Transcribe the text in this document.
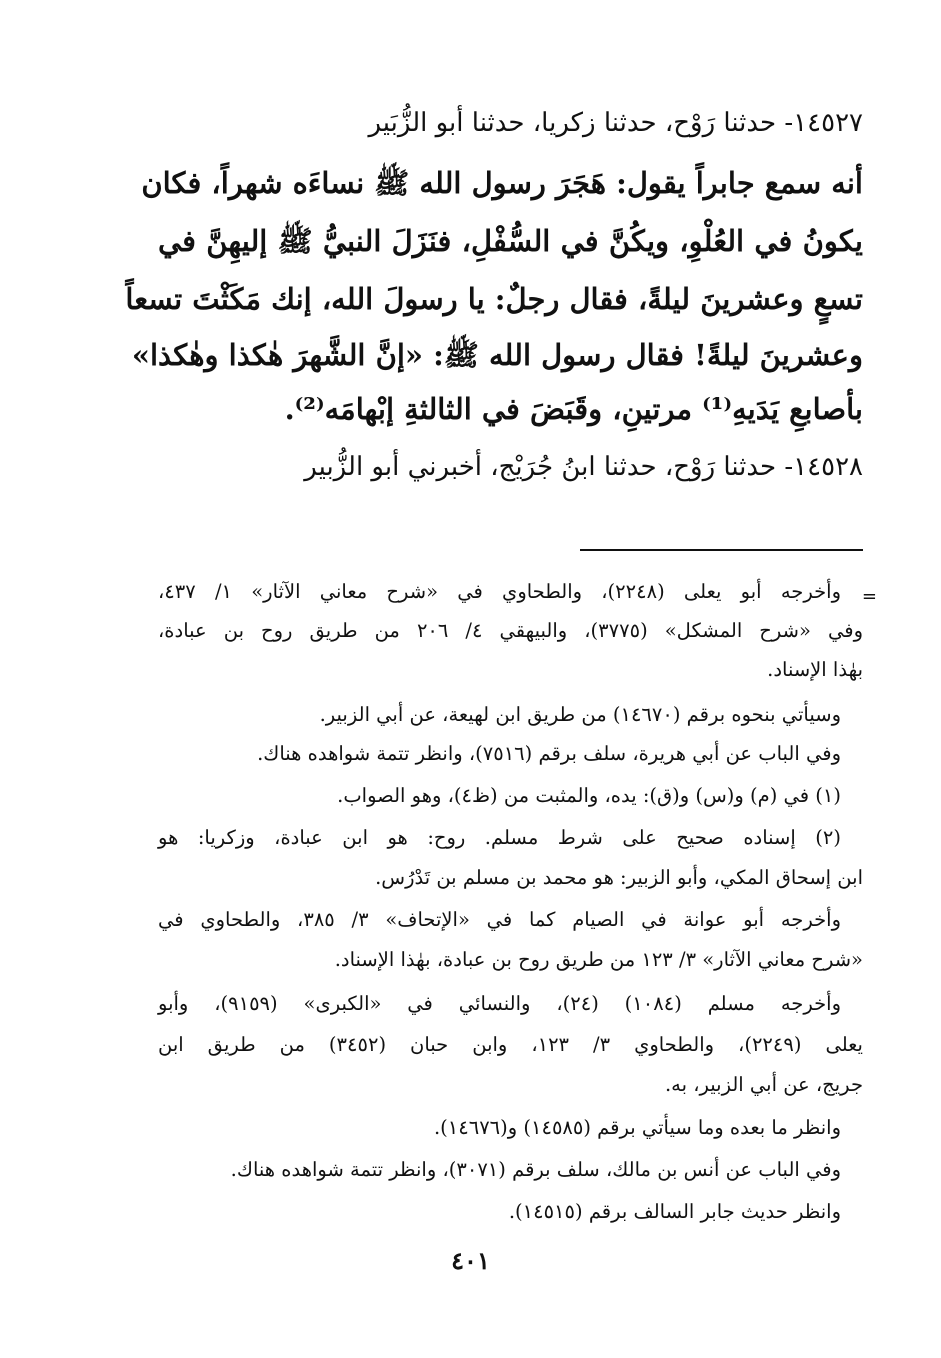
١٤٥٢٧- حدثنا رَوْح، حدثنا زكريا، حدثنا أبو الزُّبَير
أنه سمع جابراً يقول: هَجَرَ رسول الله ﷺ نساءَه شهراً، فكان
يكونُ في العُلْوِ، ويكُنَّ في السُّفْلِ، فنَزَلَ النبيُّ ﷺ إليهِنَّ في
تسعٍ وعشرينَ ليلةً، فقال رجلٌ: يا رسولَ الله، إنك مَكَثْتَ تسعاً
وعشرينَ ليلةً! فقال رسول الله ﷺ: «إنَّ الشَّهرَ هٰكذا وهٰكذا»
بأصابعِ يَدَيهِ⁽¹⁾ مرتينِ، وقَبَضَ في الثالثةِ إبْهامَه⁽²⁾.
١٤٥٢٨- حدثنا رَوْح، حدثنا ابنُ جُرَيْج، أخبرني أبو الزُّبير
=
وأخرجه أبو يعلى (٢٢٤٨)، والطحاوي في «شرح معاني الآثار» ١/ ٤٣٧،
وفي «شرح المشكل» (٣٧٧٥)، والبيهقي ٤/ ٢٠٦ من طريق روح بن عبادة،
بهٰذا الإسناد.
وسيأتي بنحوه برقم (١٤٦٧٠) من طريق ابن لهيعة، عن أبي الزبير.
وفي الباب عن أبي هريرة، سلف برقم (٧٥١٦)، وانظر تتمة شواهده هناك.
(١) في (م) و(س) و(ق): يده، والمثبت من (ظ٤)، وهو الصواب.
(٢) إسناده صحيح على شرط مسلم. روح: هو ابن عبادة، وزكريا: هو
ابن إسحاق المكي، وأبو الزبير: هو محمد بن مسلم بن تَدْرُس.
وأخرجه أبو عوانة في الصيام كما في «الإتحاف» ٣/ ٣٨٥، والطحاوي في
«شرح معاني الآثار» ٣/ ١٢٣ من طريق روح بن عبادة، بهٰذا الإسناد.
وأخرجه مسلم (١٠٨٤) (٢٤)، والنسائي في «الكبرى» (٩١٥٩)، وأبو
يعلى (٢٢٤٩)، والطحاوي ٣/ ١٢٣، وابن حبان (٣٤٥٢) من طريق ابن
جريج، عن أبي الزبير، به.
وانظر ما بعده وما سيأتي برقم (١٤٥٨٥) و(١٤٦٧٦).
وفي الباب عن أنس بن مالك، سلف برقم (٣٠٧١)، وانظر تتمة شواهده هناك.
وانظر حديث جابر السالف برقم (١٤٥١٥).
٤٠١
